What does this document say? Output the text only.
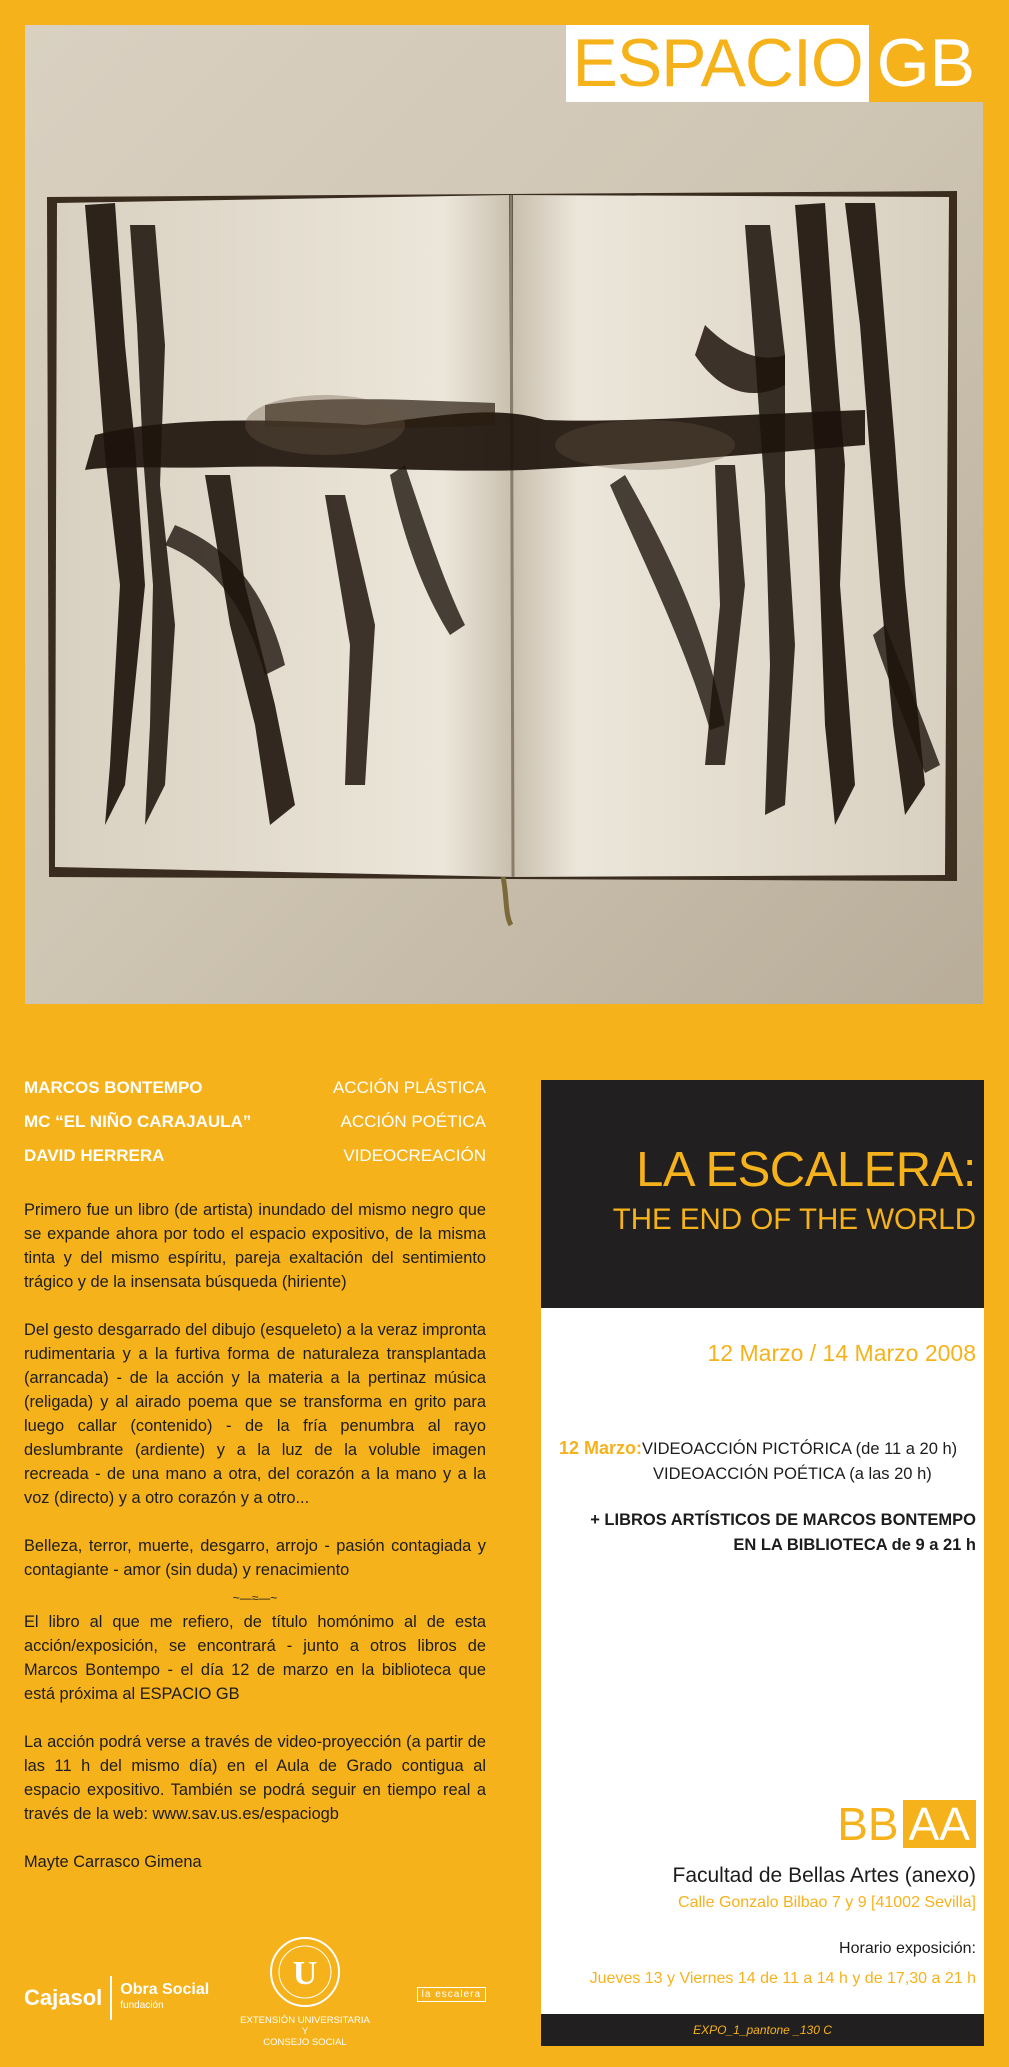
ESPACIO GB
MARCOS BONTEMPO	ACCIÓN PLÁSTICA
MC “EL NIÑO CARAJAULA”	ACCIÓN POÉTICA
DAVID HERRERA	VIDEOCREACIÓN

Primero fue un libro (de artista) inundado del mismo negro que se expande ahora por todo el espacio expositivo, de la misma tinta y del mismo espíritu, pareja exaltación del sentimiento trágico y de la insensata búsqueda (hiriente)

Del gesto desgarrado del dibujo (esqueleto) a la veraz impronta rudimentaria y a la furtiva forma de naturaleza transplantada (arrancada) - de la acción y la materia a la pertinaz música (religada) y al airado poema que se transforma en grito para luego callar (contenido) - de la fría penumbra al rayo deslumbrante (ardiente) y a la luz de la voluble imagen recreada - de una mano a otra, del corazón a la mano y a la voz (directo) y a otro corazón y a otro...

Belleza, terror, muerte, desgarro, arrojo - pasión contagiada y contagiante - amor (sin duda) y renacimiento

~—≈—~

El libro al que me refiero, de título homónimo al de esta acción/exposición, se encontrará - junto a otros libros de Marcos Bontempo - el día 12 de marzo en la biblioteca que está próxima al ESPACIO GB

La acción podrá verse a través de video-proyección (a partir de las 11 h del mismo día) en el Aula de Grado contigua al espacio expositivo. También se podrá seguir en tiempo real a través de la web: www.sav.us.es/espaciogb

Mayte Carrasco Gimena

Cajasol Obra Social
fundación
U
EXTENSIÓN UNIVERSITARIA
Y
CONSEJO SOCIAL
la escalera
LA ESCALERA:
THE END OF THE WORLD
12 Marzo / 14 Marzo 2008
12 Marzo:VIDEOACCIÓN PICTÓRICA (de 11 a 20 h)
VIDEOACCIÓN POÉTICA (a las 20 h)
+ LIBROS ARTÍSTICOS DE MARCOS BONTEMPO
EN LA BIBLIOTECA de 9 a 21 h
BB AA
Facultad de Bellas Artes (anexo)
Calle Gonzalo Bilbao 7 y 9 [41002 Sevilla]
Horario exposición:
Jueves 13 y Viernes 14 de 11 a 14 h y de 17,30 a 21 h
EXPO_1_pantone _130 C
